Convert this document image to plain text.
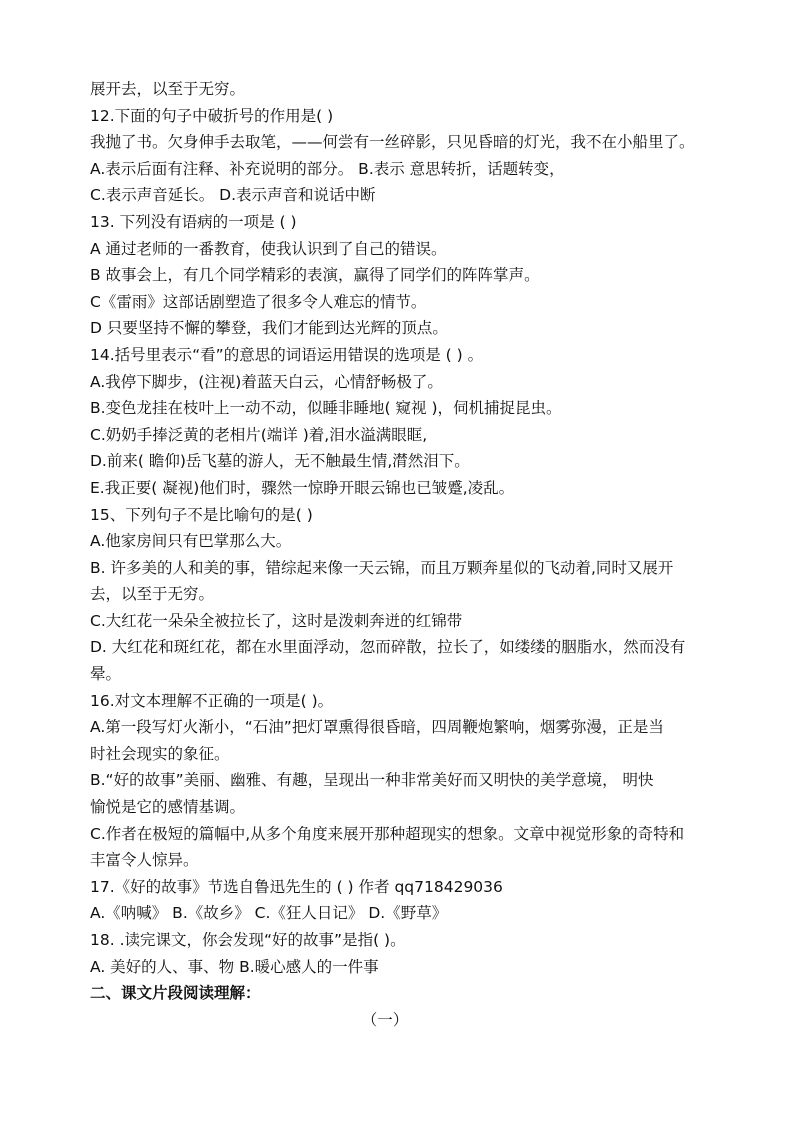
展开去，以至于无穷。
12.下面的句子中破折号的作用是( )
我抛了书。欠身伸手去取笔，——何尝有一丝碎影，只见昏暗的灯光，我不在小船里了。
A.表示后面有注释、补充说明的部分。 B.表示 意思转折，话题转变，
C.表示声音延长。 D.表示声音和说话中断
13. 下列没有语病的一项是 ( )
A 通过老师的一番教育，使我认识到了自己的错误。
B 故事会上，有几个同学精彩的表演，赢得了同学们的阵阵掌声。
C《雷雨》这部话剧塑造了很多令人难忘的情节。
D 只要坚持不懈的攀登，我们才能到达光辉的顶点。
14.括号里表示“看”的意思的词语运用错误的选项是 ( ) 。
A.我停下脚步，(注视)着蓝天白云，心情舒畅极了。
B.变色龙挂在枝叶上一动不动，似睡非睡地( 窥视 )，伺机捕捉昆虫。
C.奶奶手捧泛黄的老相片(端详 )着,泪水溢满眼眶,
D.前来( 瞻仰)岳飞墓的游人，无不触最生情,潸然泪下。
E.我正要( 凝视)他们时，骤然一惊睁开眼云锦也已皱蹙,凌乱。
15、下列句子不是比喻句的是( )
A.他家房间只有巴掌那么大。
B. 许多美的人和美的事，错综起来像一天云锦，而且万颗奔星似的飞动着,同时又展开
去，以至于无穷。
C.大红花一朵朵全被拉长了，这时是泼刺奔迸的红锦带
D. 大红花和斑红花，都在水里面浮动，忽而碎散，拉长了，如缕缕的胭脂水，然而没有
晕。
16.对文本理解不正确的一项是( )。
A.第一段写灯火渐小，“石油”把灯罩熏得很昏暗，四周鞭炮繁响，烟雾弥漫，正是当
时社会现实的象征。
B.“好的故事”美丽、幽雅、有趣，呈现出一种非常美好而又明快的美学意境， 明快
愉悦是它的感情基调。
C.作者在极短的篇幅中,从多个角度来展开那种超现实的想象。文章中视觉形象的奇特和
丰富令人惊异。
17.《好的故事》节选自鲁迅先生的 ( ) 作者 qq718429036
A.《呐喊》 B.《故乡》 C.《狂人日记》 D.《野草》
18. .读完课文，你会发现“好的故事”是指( )。
A. 美好的人、事、物 B.暖心感人的一件事
二、课文片段阅读理解：
（一）
